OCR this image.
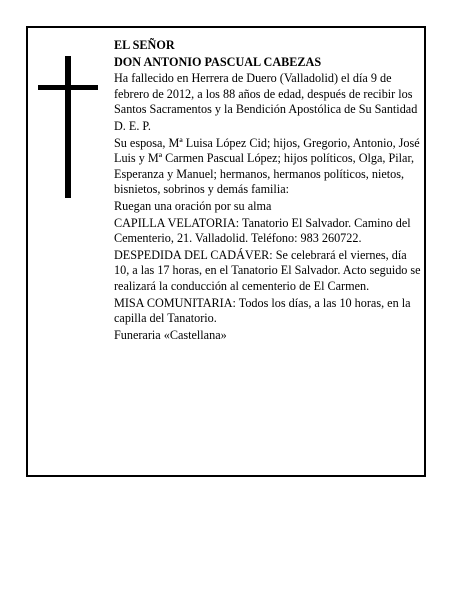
EL SEÑOR

DON ANTONIO PASCUAL CABEZAS

Ha fallecido en Herrera de Duero (Valladolid) el día 9 de febrero de 2012, a los 88 años de edad, después de recibir los Santos Sacramentos y la Bendición Apostólica de Su Santidad

D. E. P.

Su esposa, Mª Luisa López Cid; hijos, Gregorio, Antonio, José Luis y Mª Carmen Pascual López; hijos políticos, Olga, Pilar, Esperanza y Manuel; hermanos, hermanos políticos, nietos, bisnietos, sobrinos y demás familia:

Ruegan una oración por su alma

CAPILLA VELATORIA: Tanatorio El Salvador. Camino del Cementerio, 21. Valladolid. Teléfono: 983 260722.

DESPEDIDA DEL CADÁVER: Se celebrará el viernes, día 10, a las 17 horas, en el Tanatorio El Salvador. Acto seguido se realizará la conducción al cementerio de El Carmen.

MISA COMUNITARIA: Todos los días, a las 10 horas, en la capilla del Tanatorio.

Funeraria «Castellana»
